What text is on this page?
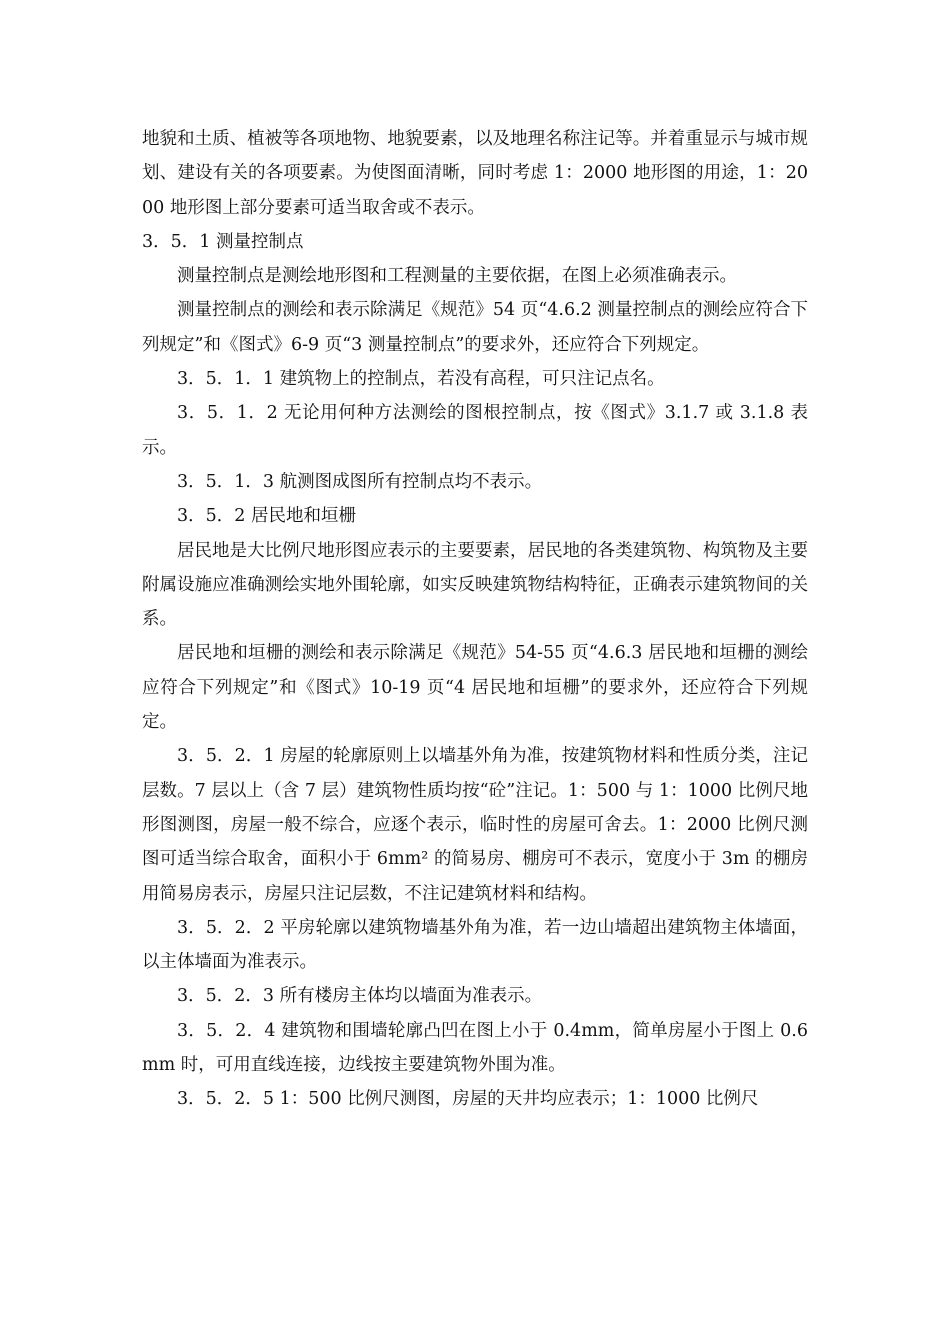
地貌和土质、植被等各项地物、地貌要素，以及地理名称注记等。并着重显示与城市规划、建设有关的各项要素。为使图面清晰，同时考虑 1：2000 地形图的用途，1：2000 地形图上部分要素可适当取舍或不表示。

3．5．1 测量控制点

测量控制点是测绘地形图和工程测量的主要依据，在图上必须准确表示。

测量控制点的测绘和表示除满足《规范》54 页“4.6.2 测量控制点的测绘应符合下列规定”和《图式》6-9 页“3 测量控制点”的要求外，还应符合下列规定。

3．5．1．1 建筑物上的控制点，若没有高程，可只注记点名。

3．5．1．2 无论用何种方法测绘的图根控制点，按《图式》3.1.7 或 3.1.8 表示。

3．5．1．3 航测图成图所有控制点均不表示。

3．5．2 居民地和垣栅

居民地是大比例尺地形图应表示的主要要素，居民地的各类建筑物、构筑物及主要附属设施应准确测绘实地外围轮廓，如实反映建筑物结构特征，正确表示建筑物间的关系。

居民地和垣栅的测绘和表示除满足《规范》54-55 页“4.6.3 居民地和垣栅的测绘应符合下列规定”和《图式》10-19 页“4 居民地和垣栅”的要求外，还应符合下列规定。

3．5．2．1 房屋的轮廓原则上以墙基外角为准，按建筑物材料和性质分类，注记层数。7 层以上（含 7 层）建筑物性质均按“砼”注记。1：500 与 1：1000 比例尺地形图测图，房屋一般不综合，应逐个表示，临时性的房屋可舍去。1：2000 比例尺测图可适当综合取舍，面积小于 6mm² 的简易房、棚房可不表示，宽度小于 3m 的棚房用简易房表示，房屋只注记层数，不注记建筑材料和结构。

3．5．2．2 平房轮廓以建筑物墙基外角为准，若一边山墙超出建筑物主体墙面，以主体墙面为准表示。

3．5．2．3 所有楼房主体均以墙面为准表示。

3．5．2．4 建筑物和围墙轮廓凸凹在图上小于 0.4mm，简单房屋小于图上 0.6mm 时，可用直线连接，边线按主要建筑物外围为准。

3．5．2．5 1：500 比例尺测图，房屋的天井均应表示；1：1000 比例尺
